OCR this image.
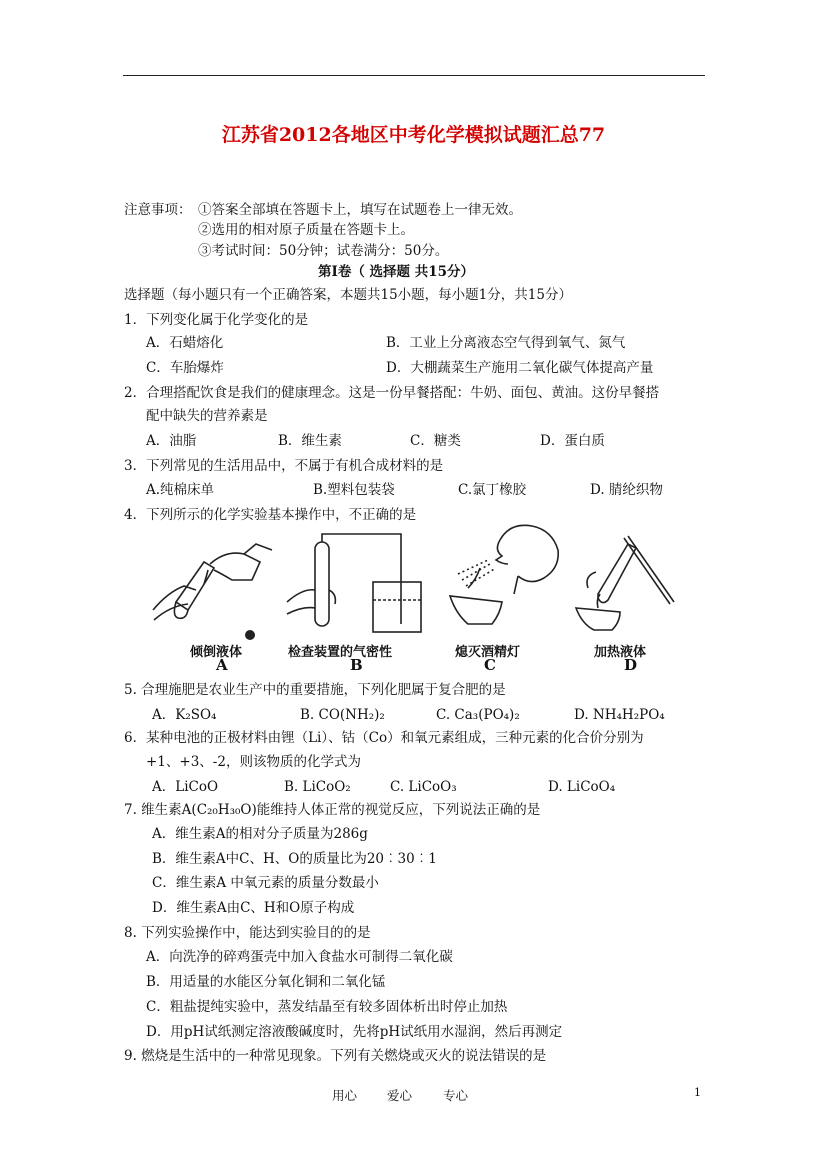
江苏省2012各地区中考化学模拟试题汇总77
注意事项： ①答案全部填在答题卡上，填写在试题卷上一律无效。
②选用的相对原子质量在答题卡上。
③考试时间：50分钟；试卷满分：50分。
第Ⅰ卷（ 选择题 共15分）
选择题（每小题只有一个正确答案，本题共15小题，每小题1分，共15分）
1．下列变化属于化学变化的是
A．石蜡熔化	B．工业上分离液态空气得到氧气、氮气
C．车胎爆炸	D．大棚蔬菜生产施用二氧化碳气体提高产量
2．合理搭配饮食是我们的健康理念。这是一份早餐搭配：牛奶、面包、黄油。这份早餐搭
配中缺失的营养素是
A．油脂	B．维生素	C．糖类	D．蛋白质
3．下列常见的生活用品中，不属于有机合成材料的是
A.纯棉床单	B.塑料包装袋	C.氯丁橡胶	D. 腈纶织物
4．下列所示的化学实验基本操作中，不正确的是
倾倒液体
A
检查装置的气密性
B
熄灭酒精灯
C
加热液体
D
5. 合理施肥是农业生产中的重要措施，下列化肥属于复合肥的是
A．K₂SO₄	B. CO(NH₂)₂	C. Ca₃(PO₄)₂	D. NH₄H₂PO₄
6．某种电池的正极材料由锂（Li）、钴（Co）和氧元素组成，三种元素的化合价分别为
+1、+3、-2，则该物质的化学式为
A．LiCoO	B. LiCoO₂	C. LiCoO₃	D. LiCoO₄
7. 维生素A(C₂₀H₃₀O)能维持人体正常的视觉反应，下列说法正确的是
A．维生素A的相对分子质量为286g
B．维生素A中C、H、O的质量比为20︰30︰1
C．维生素A 中氧元素的质量分数最小
D．维生素A由C、H和O原子构成
8. 下列实验操作中，能达到实验目的的是
A．向洗净的碎鸡蛋壳中加入食盐水可制得二氧化碳
B．用适量的水能区分氧化铜和二氧化锰
C．粗盐提纯实验中，蒸发结晶至有较多固体析出时停止加热
D．用pH试纸测定溶液酸碱度时，先将pH试纸用水湿润，然后再测定
9. 燃烧是生活中的一种常见现象。下列有关燃烧或灭火的说法错误的是
用心 爱心 专心	1
